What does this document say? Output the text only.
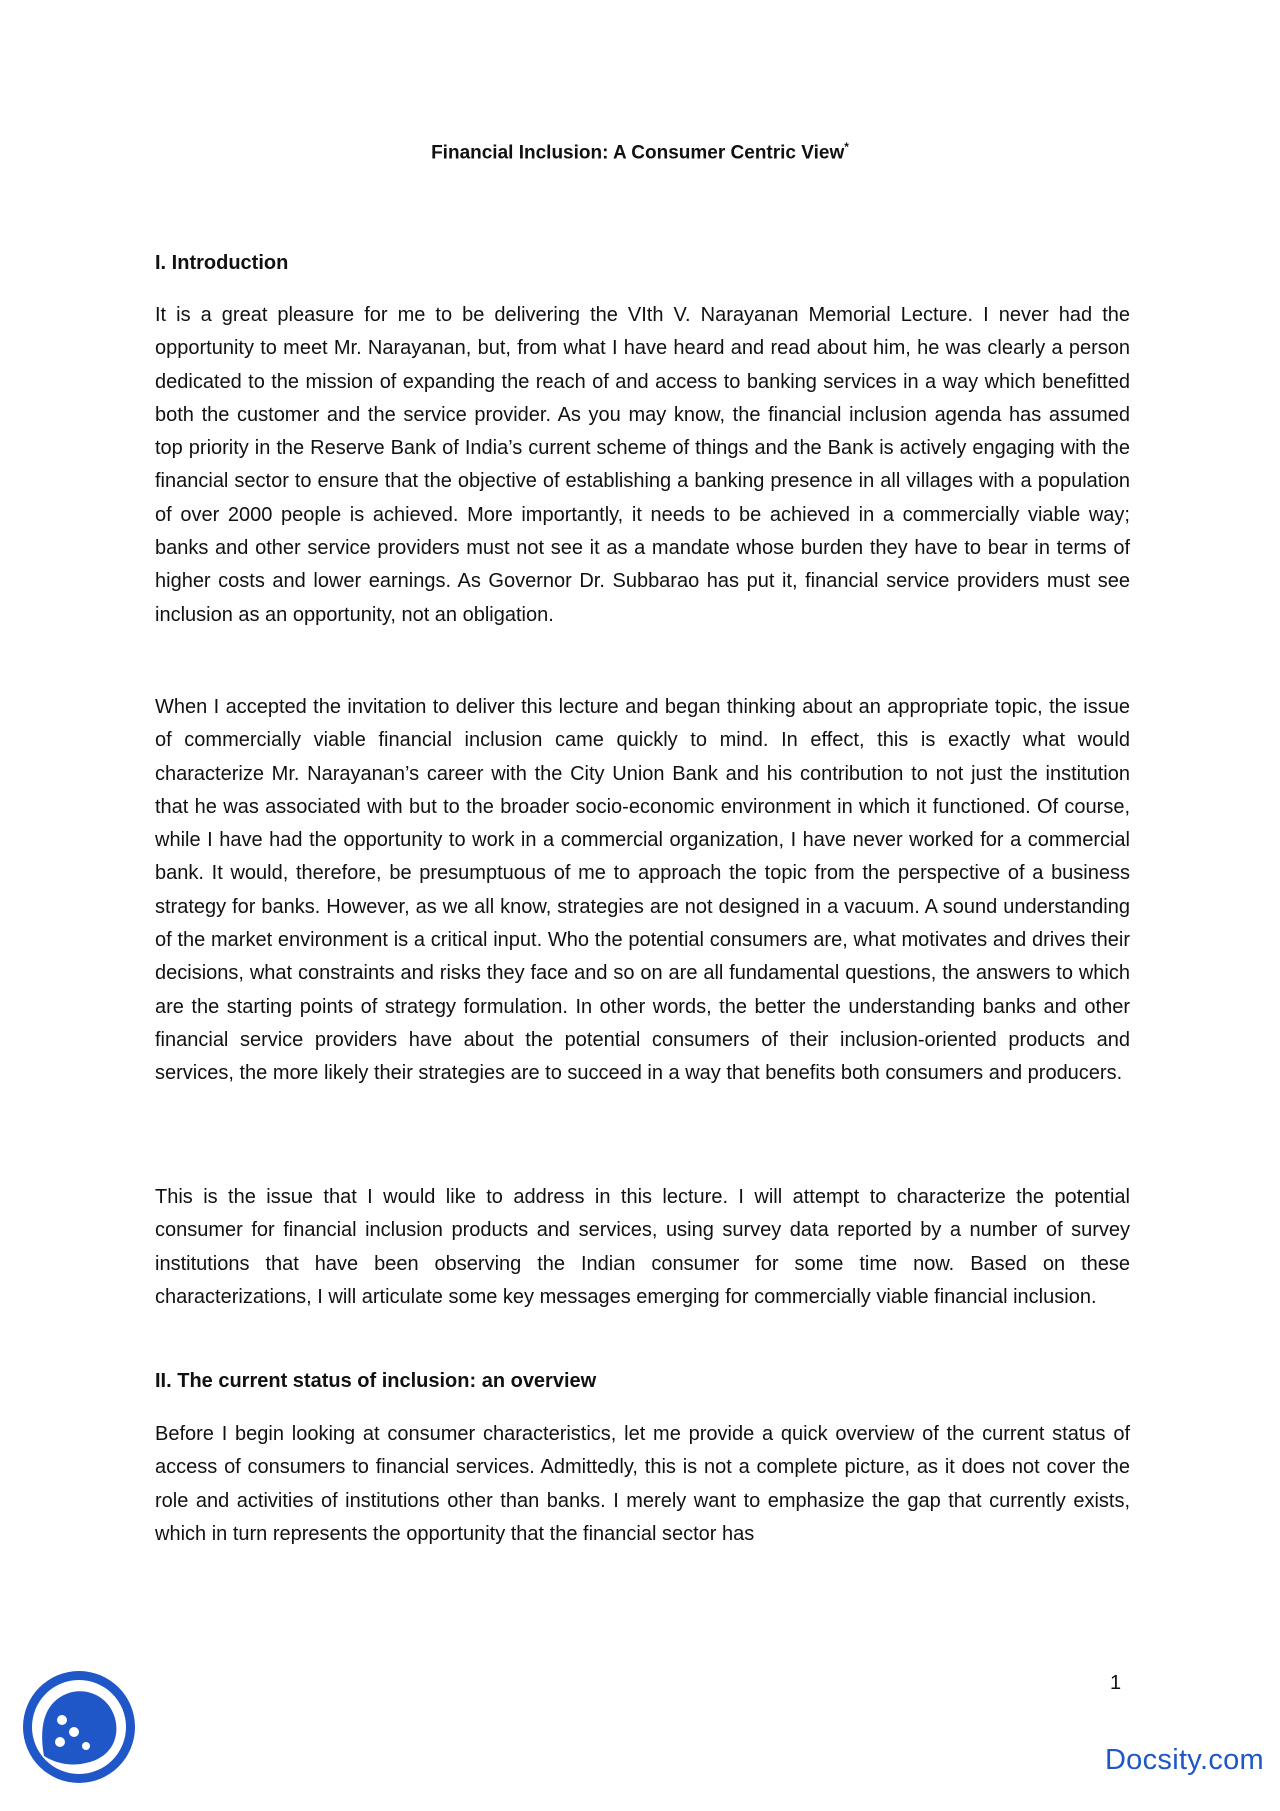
Financial Inclusion: A Consumer Centric View*
I. Introduction

It is a great pleasure for me to be delivering the VIth V. Narayanan Memorial Lecture. I never had the opportunity to meet Mr. Narayanan, but, from what I have heard and read about him, he was clearly a person dedicated to the mission of expanding the reach of and access to banking services in a way which benefitted both the customer and the service provider. As you may know, the financial inclusion agenda has assumed top priority in the Reserve Bank of India’s current scheme of things and the Bank is actively engaging with the financial sector to ensure that the objective of establishing a banking presence in all villages with a population of over 2000 people is achieved. More importantly, it needs to be achieved in a commercially viable way; banks and other service providers must not see it as a mandate whose burden they have to bear in terms of higher costs and lower earnings. As Governor Dr. Subbarao has put it, financial service providers must see inclusion as an opportunity, not an obligation.

When I accepted the invitation to deliver this lecture and began thinking about an appropriate topic, the issue of commercially viable financial inclusion came quickly to mind. In effect, this is exactly what would characterize Mr. Narayanan’s career with the City Union Bank and his contribution to not just the institution that he was associated with but to the broader socio-economic environment in which it functioned. Of course, while I have had the opportunity to work in a commercial organization, I have never worked for a commercial bank. It would, therefore, be presumptuous of me to approach the topic from the perspective of a business strategy for banks. However, as we all know, strategies are not designed in a vacuum. A sound understanding of the market environment is a critical input. Who the potential consumers are, what motivates and drives their decisions, what constraints and risks they face and so on are all fundamental questions, the answers to which are the starting points of strategy formulation. In other words, the better the understanding banks and other financial service providers have about the potential consumers of their inclusion-oriented products and services, the more likely their strategies are to succeed in a way that benefits both consumers and producers.

This is the issue that I would like to address in this lecture. I will attempt to characterize the potential consumer for financial inclusion products and services, using survey data reported by a number of survey institutions that have been observing the Indian consumer for some time now. Based on these characterizations, I will articulate some key messages emerging for commercially viable financial inclusion.

II. The current status of inclusion: an overview

Before I begin looking at consumer characteristics, let me provide a quick overview of the current status of access of consumers to financial services. Admittedly, this is not a complete picture, as it does not cover the role and activities of institutions other than banks. I merely want to emphasize the gap that currently exists, which in turn represents the opportunity that the financial sector has

1
Docsity.com
